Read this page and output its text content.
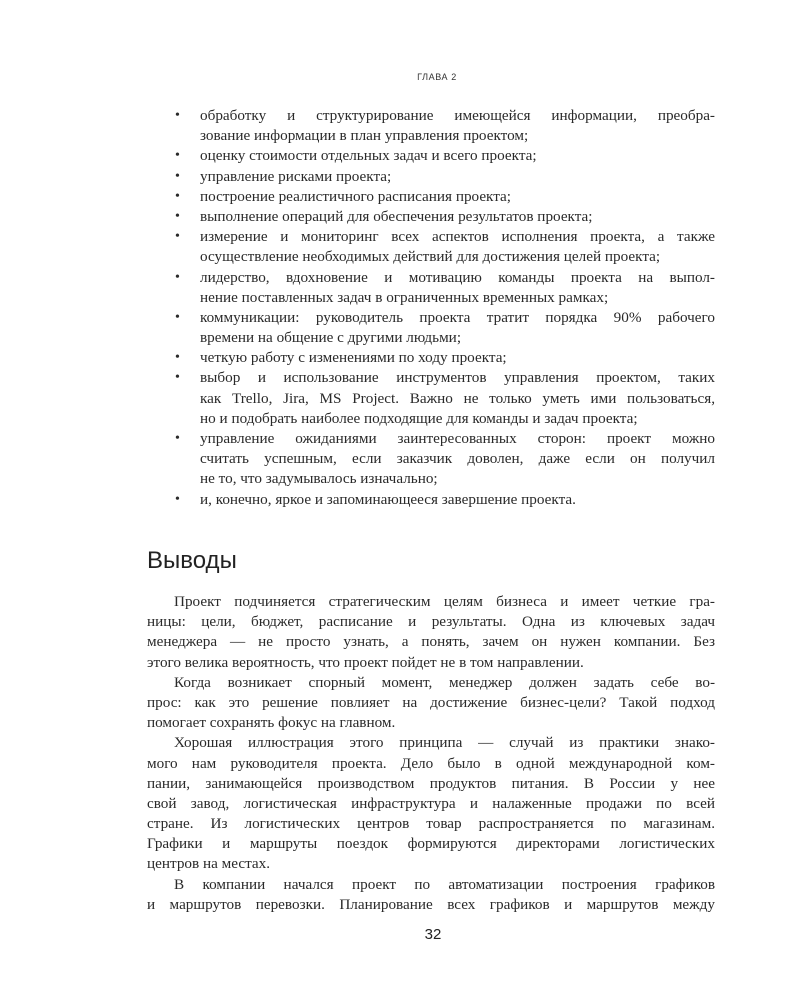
ГЛАВА 2
• обработку и структурирование имеющейся информации, преобра-
зование информации в план управления проектом;
• оценку стоимости отдельных задач и всего проекта;
• управление рисками проекта;
• построение реалистичного расписания проекта;
• выполнение операций для обеспечения результатов проекта;
• измерение и мониторинг всех аспектов исполнения проекта, а также
осуществление необходимых действий для достижения целей проекта;
• лидерство, вдохновение и мотивацию команды проекта на выпол-
нение поставленных задач в ограниченных временных рамках;
• коммуникации: руководитель проекта тратит порядка 90% рабочего
времени на общение с другими людьми;
• четкую работу с изменениями по ходу проекта;
• выбор и использование инструментов управления проектом, таких
как Trello, Jira, MS Project. Важно не только уметь ими пользоваться,
но и подобрать наиболее подходящие для команды и задач проекта;
• управление ожиданиями заинтересованных сторон: проект можно
считать успешным, если заказчик доволен, даже если он получил
не то, что задумывалось изначально;
• и, конечно, яркое и запоминающееся завершение проекта.
Выводы
Проект подчиняется стратегическим целям бизнеса и имеет четкие гра-
ницы: цели, бюджет, расписание и результаты. Одна из ключевых задач
менеджера — не просто узнать, а понять, зачем он нужен компании. Без
этого велика вероятность, что проект пойдет не в том направлении.
Когда возникает спорный момент, менеджер должен задать себе во-
прос: как это решение повлияет на достижение бизнес-цели? Такой подход
помогает сохранять фокус на главном.
Хорошая иллюстрация этого принципа — случай из практики знако-
мого нам руководителя проекта. Дело было в одной международной ком-
пании, занимающейся производством продуктов питания. В России у нее
свой завод, логистическая инфраструктура и налаженные продажи по всей
стране. Из логистических центров товар распространяется по магазинам.
Графики и маршруты поездок формируются директорами логистических
центров на местах.
В компании начался проект по автоматизации построения графиков
и маршрутов перевозки. Планирование всех графиков и маршрутов между
32
